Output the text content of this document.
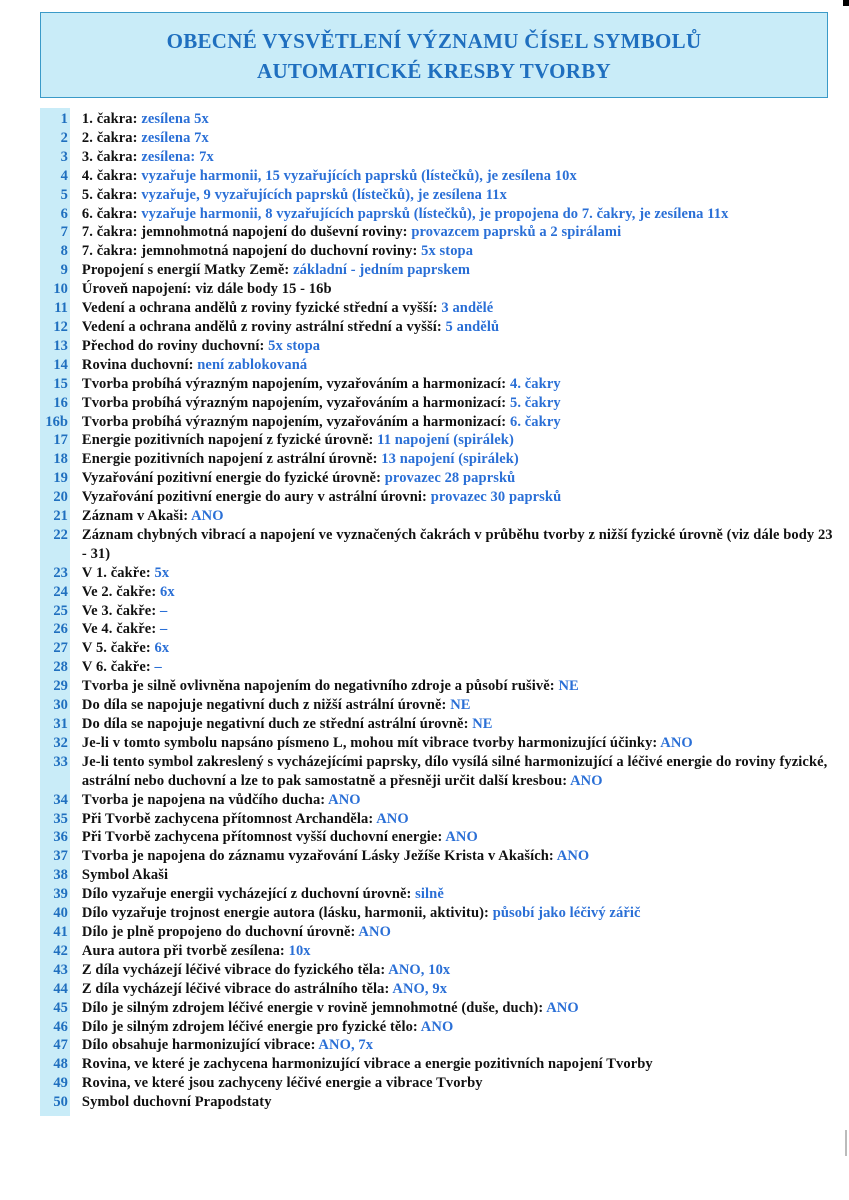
OBECNÉ VYSVĚTLENÍ VÝZNAMU ČÍSEL SYMBOLŮ
AUTOMATICKÉ KRESBY TVORBY
1 1. čakra: zesílena 5x
2 2. čakra: zesílena 7x
3 3. čakra: zesílena: 7x
4 4. čakra: vyzařuje harmonii, 15 vyzařujících paprsků (lístečků), je zesílena 10x
5 5. čakra: vyzařuje, 9 vyzařujících paprsků (lístečků), je zesílena 11x
6 6. čakra: vyzařuje harmonii, 8 vyzařujících paprsků (lístečků), je propojena do 7. čakry, je zesílena 11x
7 7. čakra: jemnohmotná napojení do duševní roviny: provazcem paprsků a 2 spirálami
8 7. čakra: jemnohmotná napojení do duchovní roviny: 5x stopa
9 Propojení s energií Matky Země: základní - jedním paprskem
10 Úroveň napojení: viz dále body 15 - 16b
11 Vedení a ochrana andělů z roviny fyzické střední a vyšší: 3 andělé
12 Vedení a ochrana andělů z roviny astrální střední a vyšší: 5 andělů
13 Přechod do roviny duchovní: 5x stopa
14 Rovina duchovní: není zablokovaná
15 Tvorba probíhá výrazným napojením, vyzařováním a harmonizací: 4. čakry
16 Tvorba probíhá výrazným napojením, vyzařováním a harmonizací: 5. čakry
16b Tvorba probíhá výrazným napojením, vyzařováním a harmonizací: 6. čakry
17 Energie pozitivních napojení z fyzické úrovně: 11 napojení (spirálek)
18 Energie pozitivních napojení z astrální úrovně: 13 napojení (spirálek)
19 Vyzařování pozitivní energie do fyzické úrovně: provazec 28 paprsků
20 Vyzařování pozitivní energie do aury v astrální úrovni: provazec 30 paprsků
21 Záznam v Akaši: ANO
22 Záznam chybných vibrací a napojení ve vyznačených čakrách v průběhu tvorby z nižší fyzické úrovně (viz dále body 23 - 31)
23 V 1. čakře: 5x
24 Ve 2. čakře: 6x
25 Ve 3. čakře: –
26 Ve 4. čakře: –
27 V 5. čakře: 6x
28 V 6. čakře: –
29 Tvorba je silně ovlivněna napojením do negativního zdroje a působí rušivě: NE
30 Do díla se napojuje negativní duch z nižší astrální úrovně: NE
31 Do díla se napojuje negativní duch ze střední astrální úrovně: NE
32 Je-li v tomto symbolu napsáno písmeno L, mohou mít vibrace tvorby harmonizující účinky: ANO
33 Je-li tento symbol zakreslený s vycházejícími paprsky, dílo vysílá silné harmonizující a léčivé energie do roviny fyzické, astrální nebo duchovní a lze to pak samostatně a přesněji určit další kresbou: ANO
34 Tvorba je napojena na vůdčího ducha: ANO
35 Při Tvorbě zachycena přítomnost Archanděla: ANO
36 Při Tvorbě zachycena přítomnost vyšší duchovní energie: ANO
37 Tvorba je napojena do záznamu vyzařování Lásky Ježíše Krista v Akaších: ANO
38 Symbol Akaši
39 Dílo vyzařuje energii vycházející z duchovní úrovně: silně
40 Dílo vyzařuje trojnost energie autora (lásku, harmonii, aktivitu): působí jako léčivý zářič
41 Dílo je plně propojeno do duchovní úrovně: ANO
42 Aura autora při tvorbě zesílena: 10x
43 Z díla vycházejí léčivé vibrace do fyzického těla: ANO, 10x
44 Z díla vycházejí léčivé vibrace do astrálního těla: ANO, 9x
45 Dílo je silným zdrojem léčivé energie v rovině jemnohmotné (duše, duch): ANO
46 Dílo je silným zdrojem léčivé energie pro fyzické tělo: ANO
47 Dílo obsahuje harmonizující vibrace: ANO, 7x
48 Rovina, ve které je zachycena harmonizující vibrace a energie pozitivních napojení Tvorby
49 Rovina, ve které jsou zachyceny léčivé energie a vibrace Tvorby
50 Symbol duchovní Prapodstaty
